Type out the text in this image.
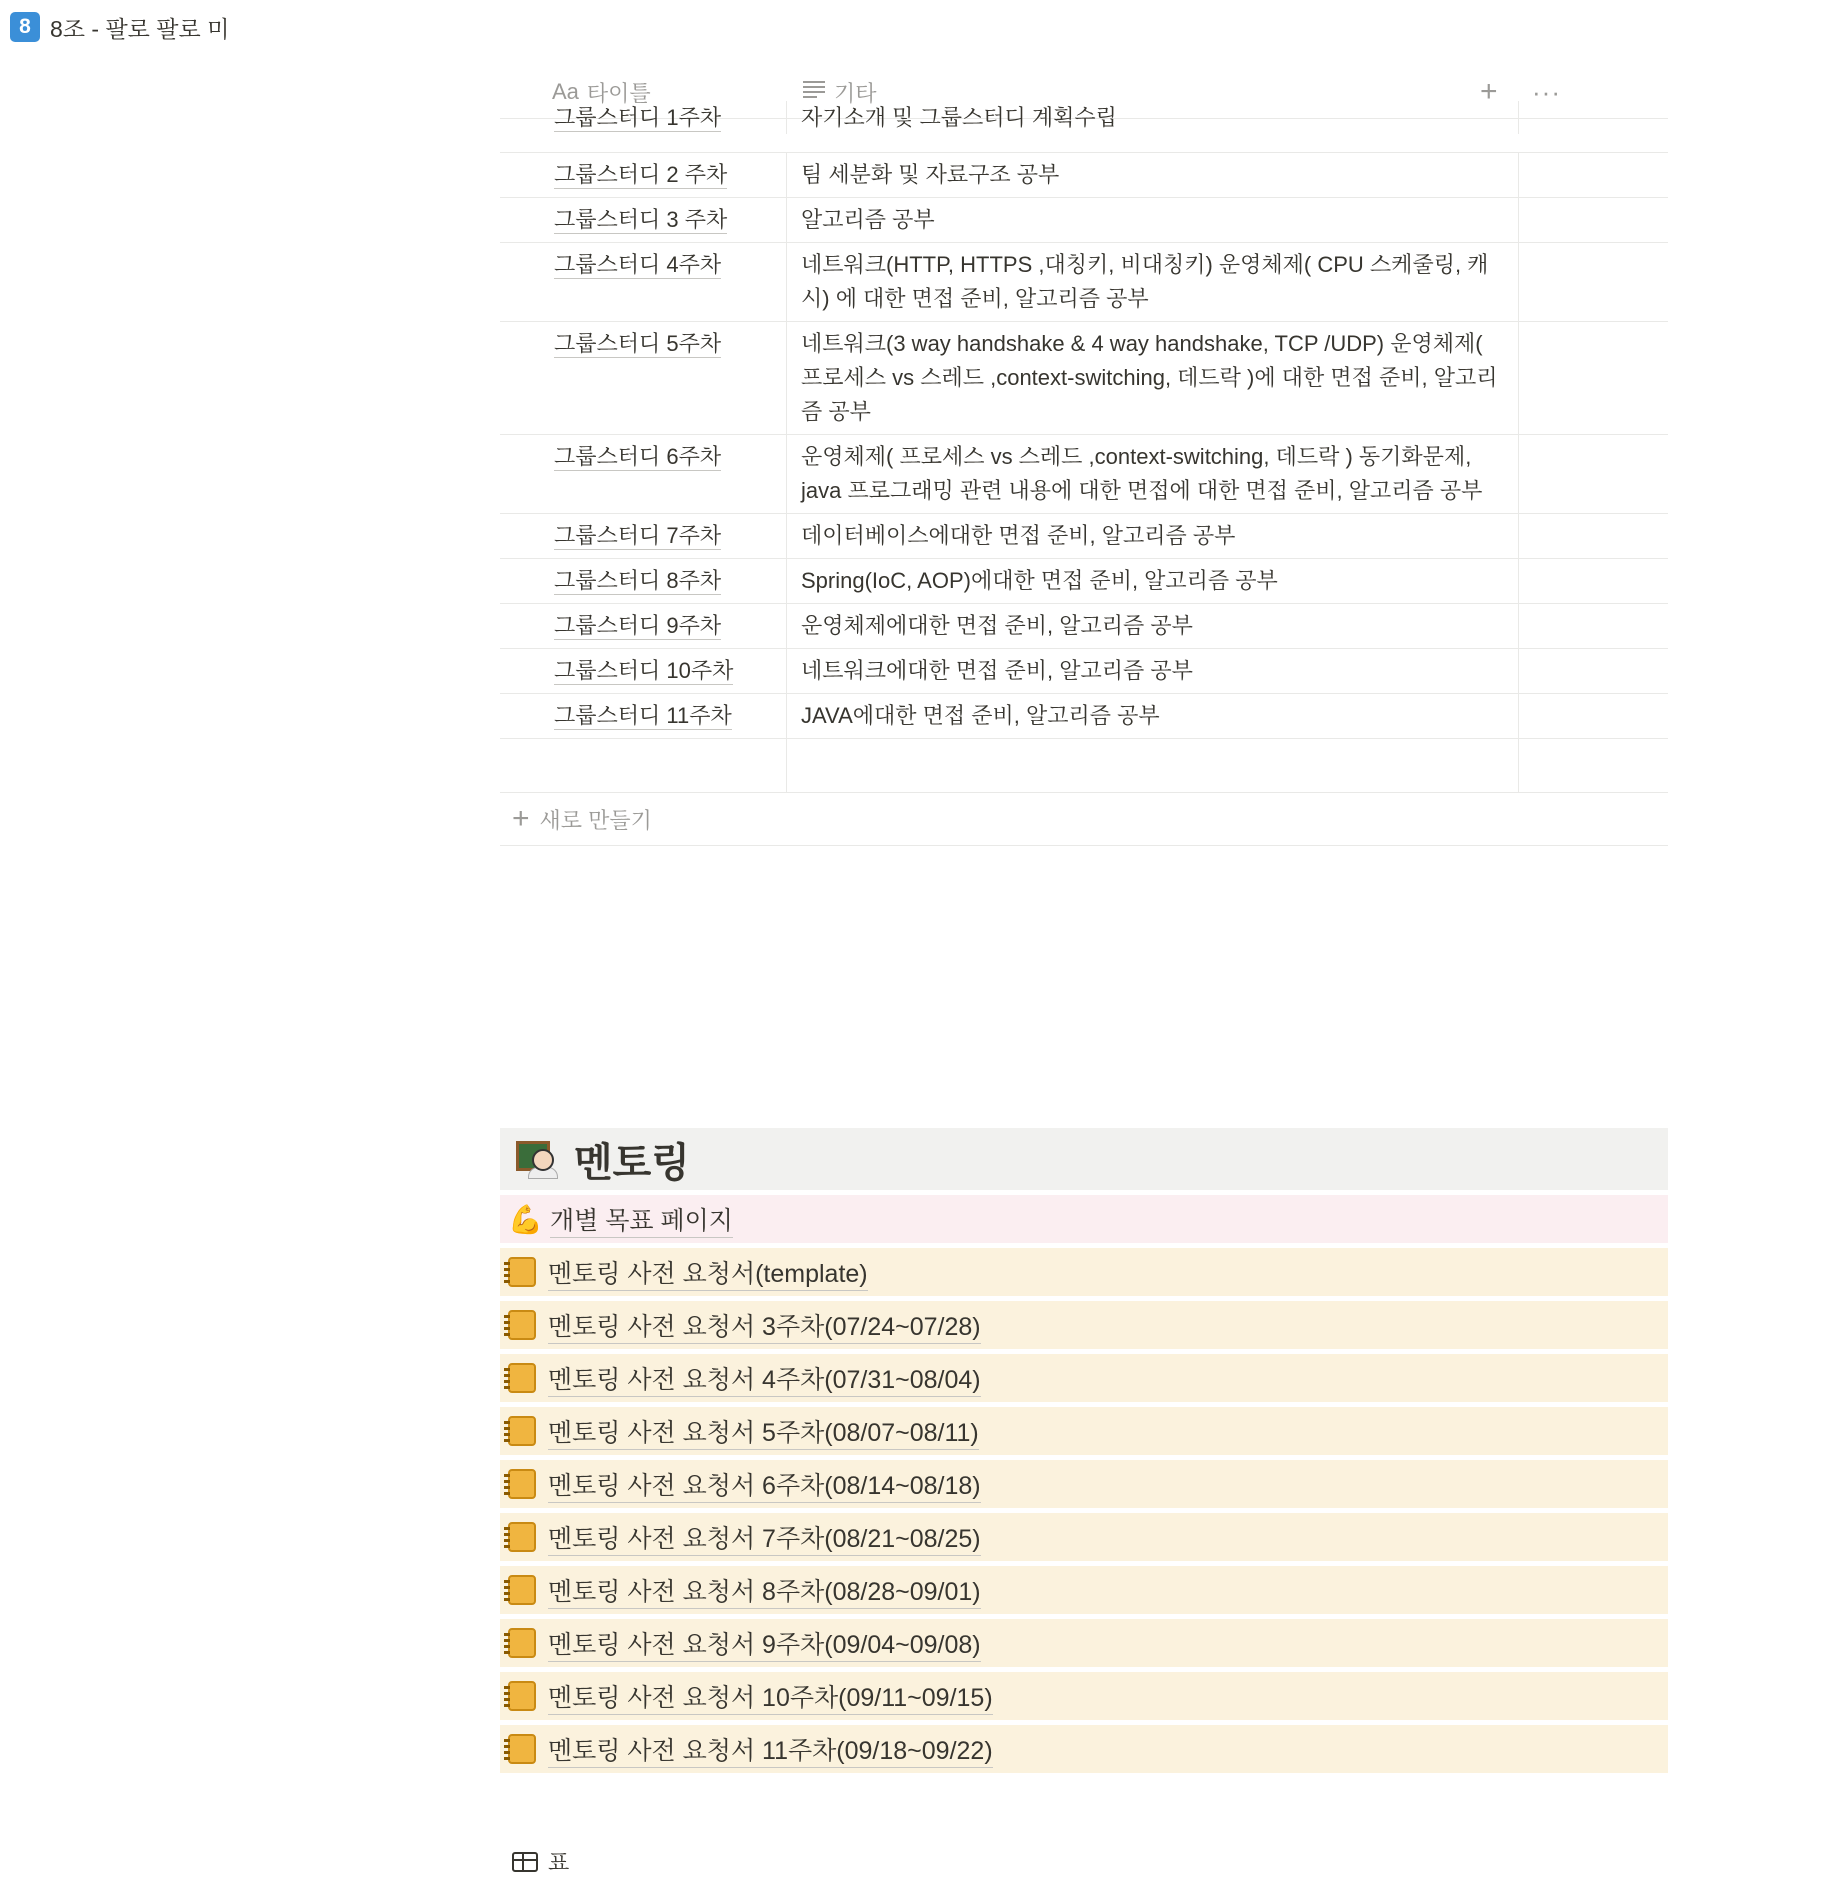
8 8조 - 팔로 팔로 미
Aa 타이틀	기타	+ ···
그룹스터디 1주차	자기소개 및 그룹스터디 계획수립
그룹스터디 2 주차	팀 세분화 및 자료구조 공부
그룹스터디 3 주차	알고리즘 공부
그룹스터디 4주차	네트워크(HTTP, HTTPS ,대칭키, 비대칭키) 운영체제( CPU 스케줄링, 캐시) 에 대한 면접 준비, 알고리즘 공부
그룹스터디 5주차	네트워크(3 way handshake & 4 way handshake, TCP /UDP) 운영체제( 프로세스 vs 스레드 ,context-switching, 데드락 )에 대한 면접 준비, 알고리즘 공부
그룹스터디 6주차	운영체제( 프로세스 vs 스레드 ,context-switching, 데드락 ) 동기화문제, java 프로그래밍 관련 내용에 대한 면접에 대한 면접 준비, 알고리즘 공부
그룹스터디 7주차	데이터베이스에대한 면접 준비, 알고리즘 공부
그룹스터디 8주차	Spring(IoC, AOP)에대한 면접 준비, 알고리즘 공부
그룹스터디 9주차	운영체제에대한 면접 준비, 알고리즘 공부
그룹스터디 10주차	네트워크에대한 면접 준비, 알고리즘 공부
그룹스터디 11주차	JAVA에대한 면접 준비, 알고리즘 공부
+ 새로 만들기
멘토링
💪 개별 목표 페이지
멘토링 사전 요청서(template)
멘토링 사전 요청서 3주차(07/24~07/28)
멘토링 사전 요청서 4주차(07/31~08/04)
멘토링 사전 요청서 5주차(08/07~08/11)
멘토링 사전 요청서 6주차(08/14~08/18)
멘토링 사전 요청서 7주차(08/21~08/25)
멘토링 사전 요청서 8주차(08/28~09/01)
멘토링 사전 요청서 9주차(09/04~09/08)
멘토링 사전 요청서 10주차(09/11~09/15)
멘토링 사전 요청서 11주차(09/18~09/22)
표
